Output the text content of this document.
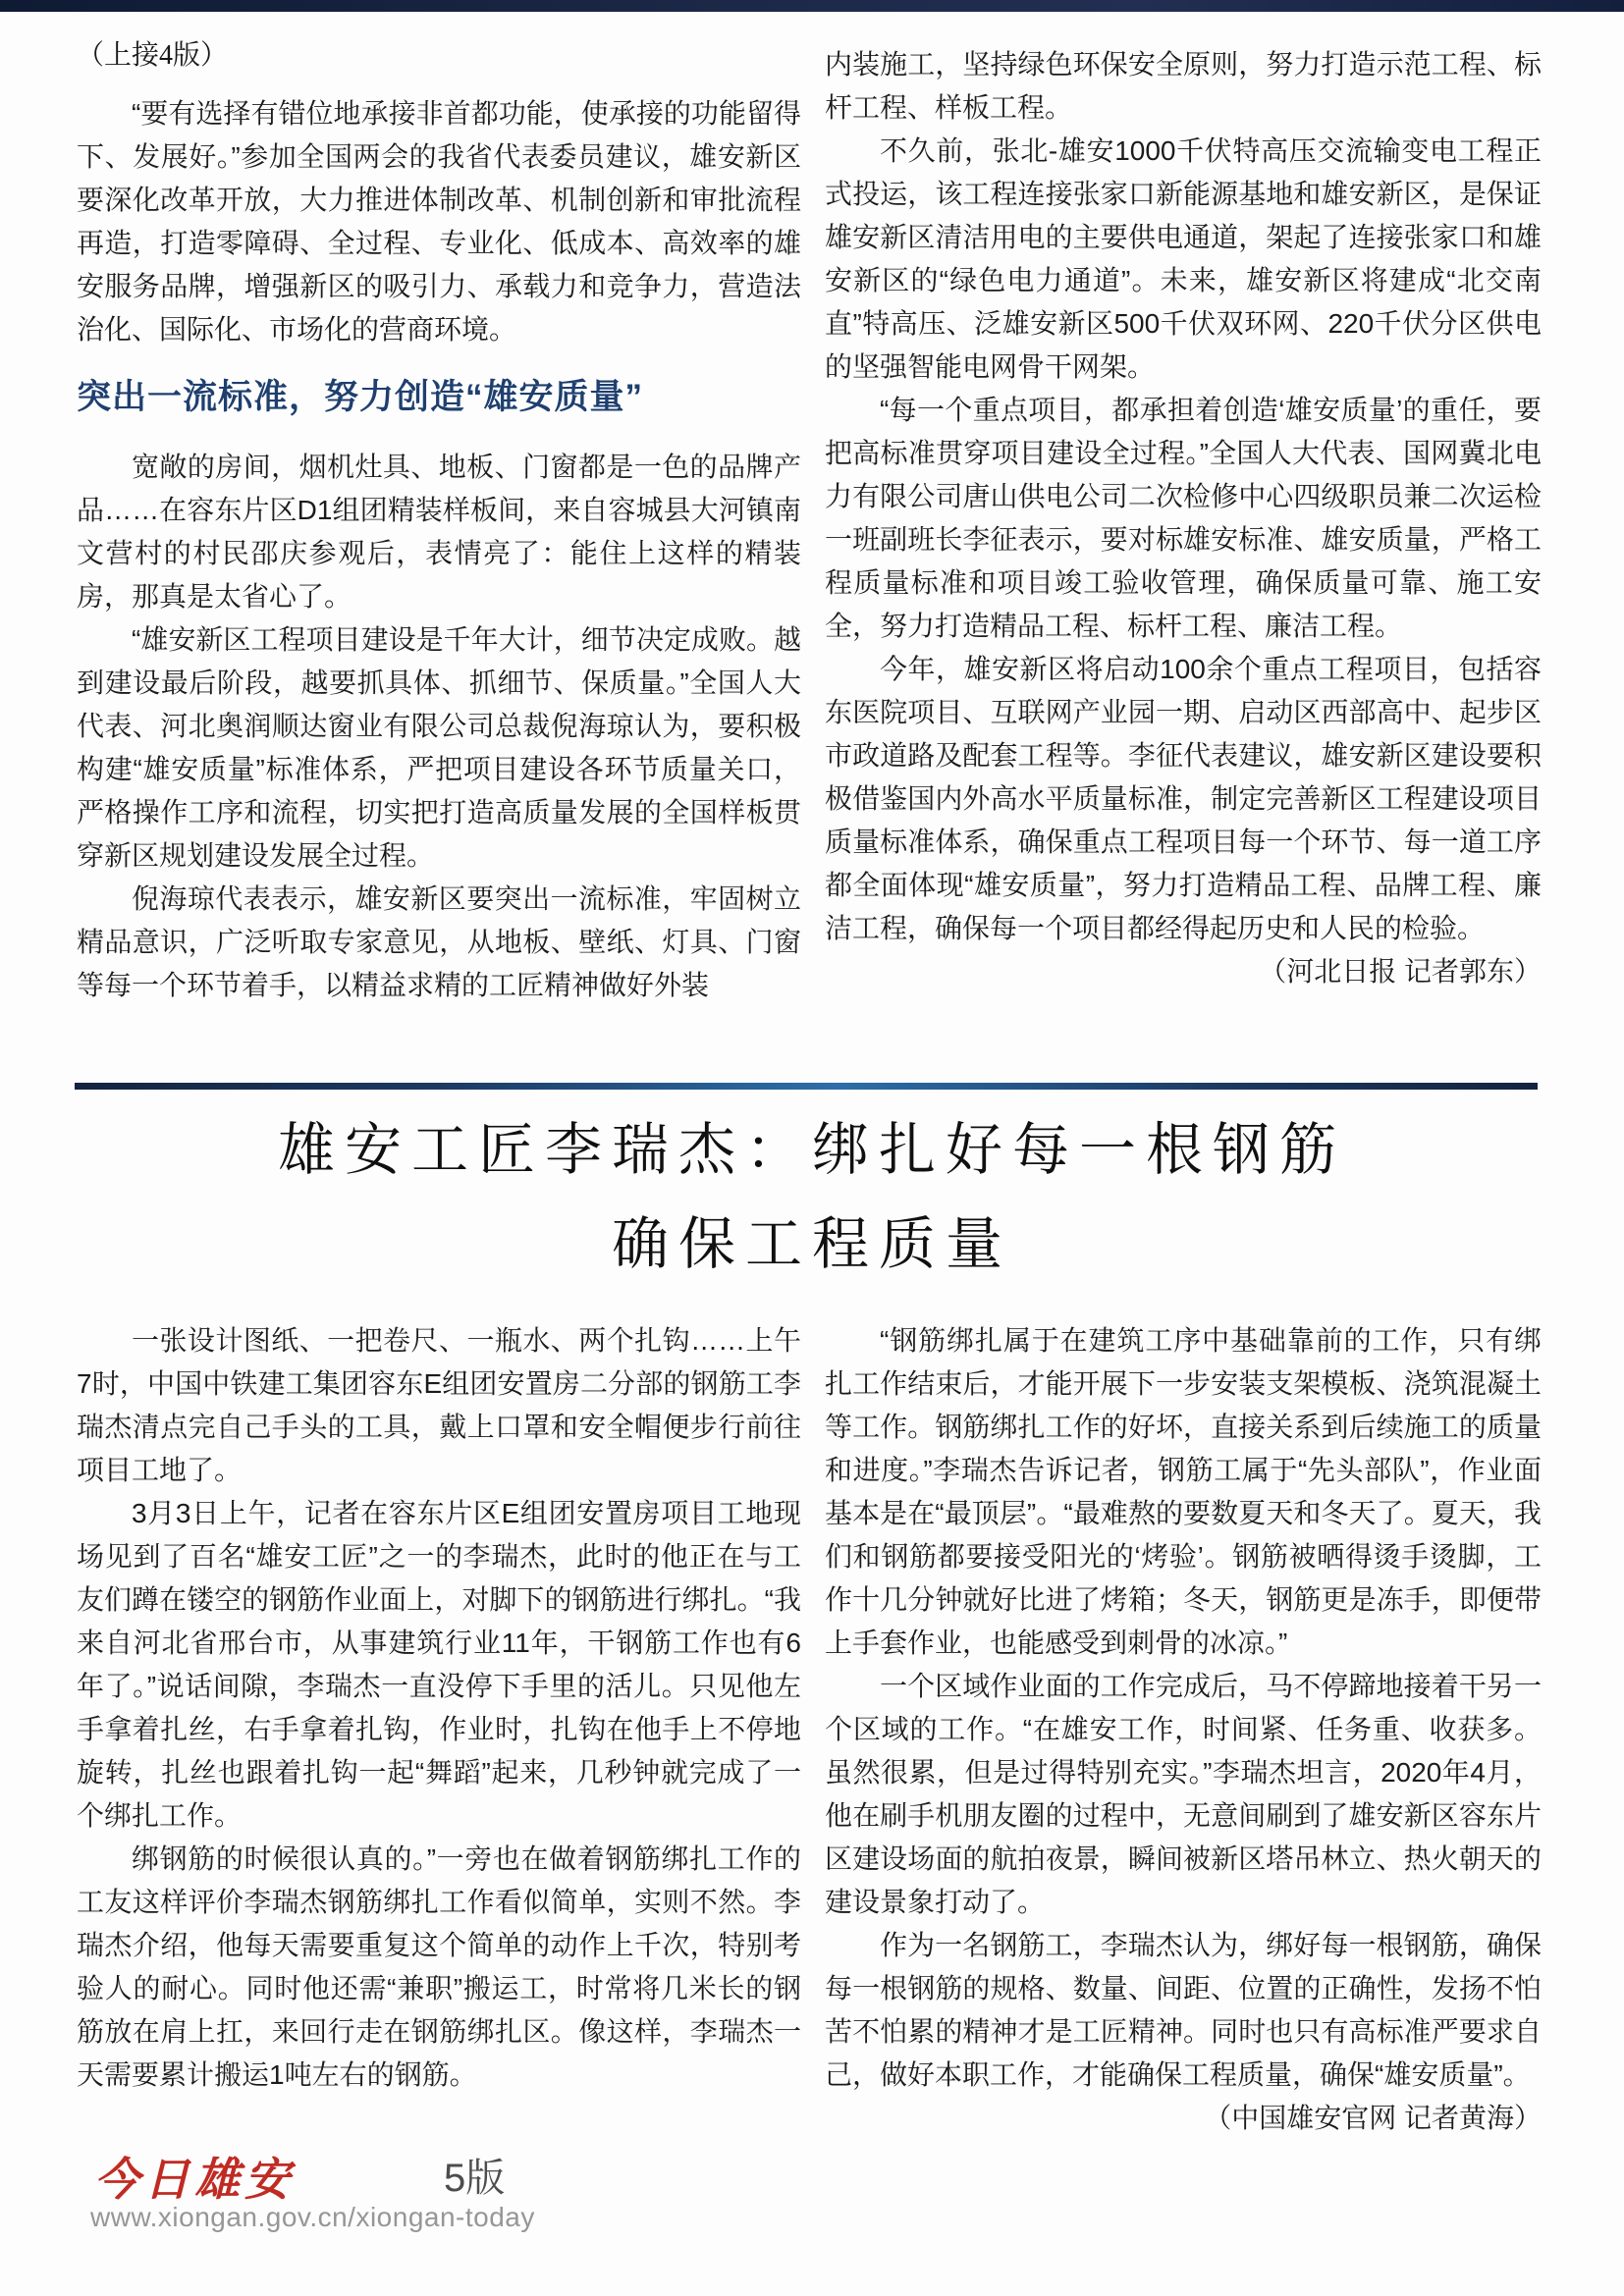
（上接4版）

“要有选择有错位地承接非首都功能，使承接的功能留得下、发展好。”参加全国两会的我省代表委员建议，雄安新区要深化改革开放，大力推进体制改革、机制创新和审批流程再造，打造零障碍、全过程、专业化、低成本、高效率的雄安服务品牌，增强新区的吸引力、承载力和竞争力，营造法治化、国际化、市场化的营商环境。

突出一流标准，努力创造“雄安质量”

宽敞的房间，烟机灶具、地板、门窗都是一色的品牌产品……在容东片区D1组团精装样板间，来自容城县大河镇南文营村的村民邵庆参观后，表情亮了：能住上这样的精装房，那真是太省心了。

“雄安新区工程项目建设是千年大计，细节决定成败。越到建设最后阶段，越要抓具体、抓细节、保质量。”全国人大代表、河北奥润顺达窗业有限公司总裁倪海琼认为，要积极构建“雄安质量”标准体系，严把项目建设各环节质量关口，严格操作工序和流程，切实把打造高质量发展的全国样板贯穿新区规划建设发展全过程。

倪海琼代表表示，雄安新区要突出一流标准，牢固树立精品意识，广泛听取专家意见，从地板、壁纸、灯具、门窗等每一个环节着手，以精益求精的工匠精神做好外装

内装施工，坚持绿色环保安全原则，努力打造示范工程、标杆工程、样板工程。

不久前，张北-雄安1000千伏特高压交流输变电工程正式投运，该工程连接张家口新能源基地和雄安新区，是保证雄安新区清洁用电的主要供电通道，架起了连接张家口和雄安新区的“绿色电力通道”。未来，雄安新区将建成“北交南直”特高压、泛雄安新区500千伏双环网、220千伏分区供电的坚强智能电网骨干网架。

“每一个重点项目，都承担着创造‘雄安质量’的重任，要把高标准贯穿项目建设全过程。”全国人大代表、国网冀北电力有限公司唐山供电公司二次检修中心四级职员兼二次运检一班副班长李征表示，要对标雄安标准、雄安质量，严格工程质量标准和项目竣工验收管理，确保质量可靠、施工安全，努力打造精品工程、标杆工程、廉洁工程。

今年，雄安新区将启动100余个重点工程项目，包括容东医院项目、互联网产业园一期、启动区西部高中、起步区市政道路及配套工程等。李征代表建议，雄安新区建设要积极借鉴国内外高水平质量标准，制定完善新区工程建设项目质量标准体系，确保重点工程项目每一个环节、每一道工序都全面体现“雄安质量”，努力打造精品工程、品牌工程、廉洁工程，确保每一个项目都经得起历史和人民的检验。
（河北日报 记者郭东）

雄安工匠李瑞杰：绑扎好每一根钢筋
确保工程质量

一张设计图纸、一把卷尺、一瓶水、两个扎钩……上午7时，中国中铁建工集团容东E组团安置房二分部的钢筋工李瑞杰清点完自己手头的工具，戴上口罩和安全帽便步行前往项目工地了。

3月3日上午，记者在容东片区E组团安置房项目工地现场见到了百名“雄安工匠”之一的李瑞杰，此时的他正在与工友们蹲在镂空的钢筋作业面上，对脚下的钢筋进行绑扎。“我来自河北省邢台市，从事建筑行业11年，干钢筋工作也有6年了。”说话间隙，李瑞杰一直没停下手里的活儿。只见他左手拿着扎丝，右手拿着扎钩，作业时，扎钩在他手上不停地旋转，扎丝也跟着扎钩一起“舞蹈”起来，几秒钟就完成了一个绑扎工作。

绑钢筋的时候很认真的。”一旁也在做着钢筋绑扎工作的工友这样评价李瑞杰钢筋绑扎工作看似简单，实则不然。李瑞杰介绍，他每天需要重复这个简单的动作上千次，特别考验人的耐心。同时他还需“兼职”搬运工，时常将几米长的钢筋放在肩上扛，来回行走在钢筋绑扎区。像这样，李瑞杰一天需要累计搬运1吨左右的钢筋。

“钢筋绑扎属于在建筑工序中基础靠前的工作，只有绑扎工作结束后，才能开展下一步安装支架模板、浇筑混凝土等工作。钢筋绑扎工作的好坏，直接关系到后续施工的质量和进度。”李瑞杰告诉记者，钢筋工属于“先头部队”，作业面基本是在“最顶层”。“最难熬的要数夏天和冬天了。夏天，我们和钢筋都要接受阳光的‘烤验’。钢筋被晒得烫手烫脚，工作十几分钟就好比进了烤箱；冬天，钢筋更是冻手，即便带上手套作业，也能感受到刺骨的冰凉。”

一个区域作业面的工作完成后，马不停蹄地接着干另一个区域的工作。“在雄安工作，时间紧、任务重、收获多。虽然很累，但是过得特别充实。”李瑞杰坦言，2020年4月，他在刷手机朋友圈的过程中，无意间刷到了雄安新区容东片区建设场面的航拍夜景，瞬间被新区塔吊林立、热火朝天的建设景象打动了。

作为一名钢筋工，李瑞杰认为，绑好每一根钢筋，确保每一根钢筋的规格、数量、间距、位置的正确性，发扬不怕苦不怕累的精神才是工匠精神。同时也只有高标准严要求自己，做好本职工作，才能确保工程质量，确保“雄安质量”。
（中国雄安官网 记者黄海）

今日雄安	5版
www.xiongan.gov.cn/xiongan-today
